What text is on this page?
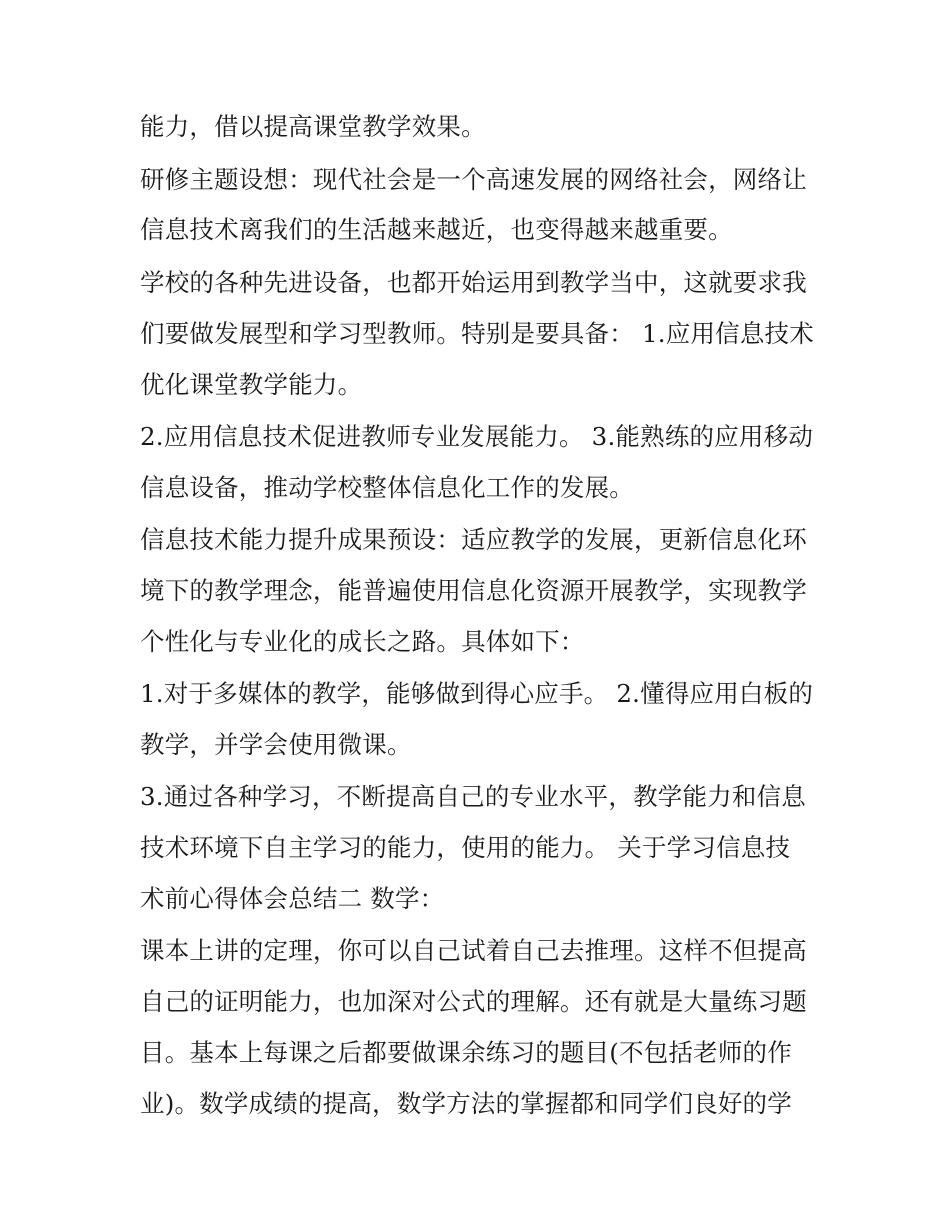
能力，借以提高课堂教学效果。
研修主题设想：现代社会是一个高速发展的网络社会，网络让
信息技术离我们的生活越来越近，也变得越来越重要。
学校的各种先进设备，也都开始运用到教学当中，这就要求我
们要做发展型和学习型教师。特别是要具备： 1.应用信息技术
优化课堂教学能力。
2.应用信息技术促进教师专业发展能力。 3.能熟练的应用移动
信息设备，推动学校整体信息化工作的发展。
信息技术能力提升成果预设：适应教学的发展，更新信息化环
境下的教学理念，能普遍使用信息化资源开展教学，实现教学
个性化与专业化的成长之路。具体如下：
1.对于多媒体的教学，能够做到得心应手。 2.懂得应用白板的
教学，并学会使用微课。
3.通过各种学习，不断提高自己的专业水平，教学能力和信息
技术环境下自主学习的能力，使用的能力。 关于学习信息技
术前心得体会总结二 数学：
课本上讲的定理，你可以自己试着自己去推理。这样不但提高
自己的证明能力，也加深对公式的理解。还有就是大量练习题
目。基本上每课之后都要做课余练习的题目(不包括老师的作
业)。数学成绩的提高，数学方法的掌握都和同学们良好的学
